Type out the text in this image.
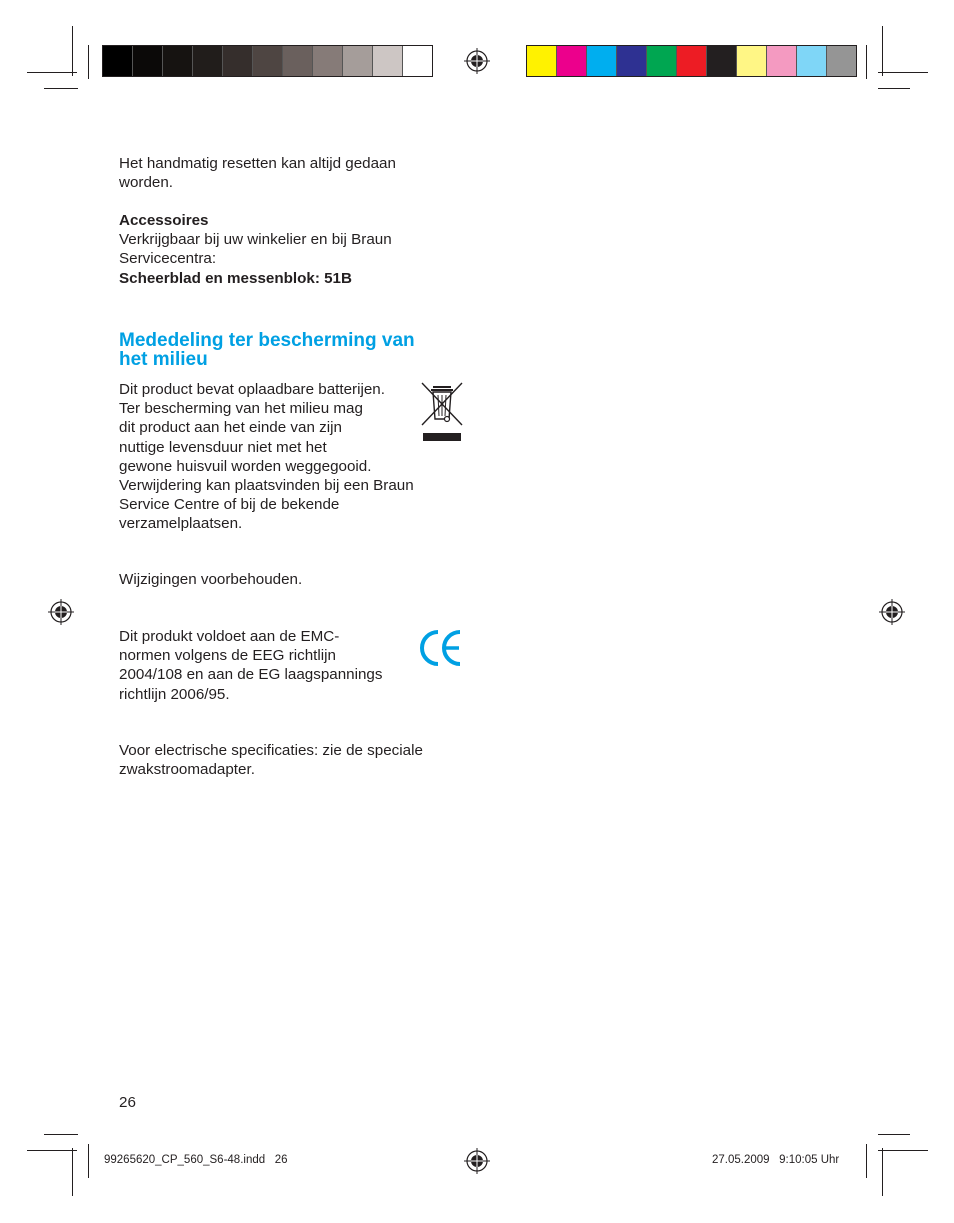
Het handmatig resetten kan altijd gedaan
worden.
Accessoires
Verkrijgbaar bij uw winkelier en bij Braun
Servicecentra:
Scheerblad en messenblok: 51B
Mededeling ter bescherming van
het milieu
Dit product bevat oplaadbare batterijen.
Ter bescherming van het milieu mag
dit product aan het einde van zijn
nuttige levensduur niet met het
gewone huisvuil worden weggegooid.
Verwijdering kan plaatsvinden bij een Braun
Service Centre of bij de bekende
verzamelplaatsen.
Wijzigingen voorbehouden.
Dit produkt voldoet aan de EMC-
normen volgens de EEG richtlijn
2004/108 en aan de EG laagspannings
richtlijn 2006/95.
Voor electrische specificaties: zie de speciale
zwakstroomadapter.
26
99265620_CP_560_S6-48.indd   26	27.05.2009   9:10:05 Uhr
